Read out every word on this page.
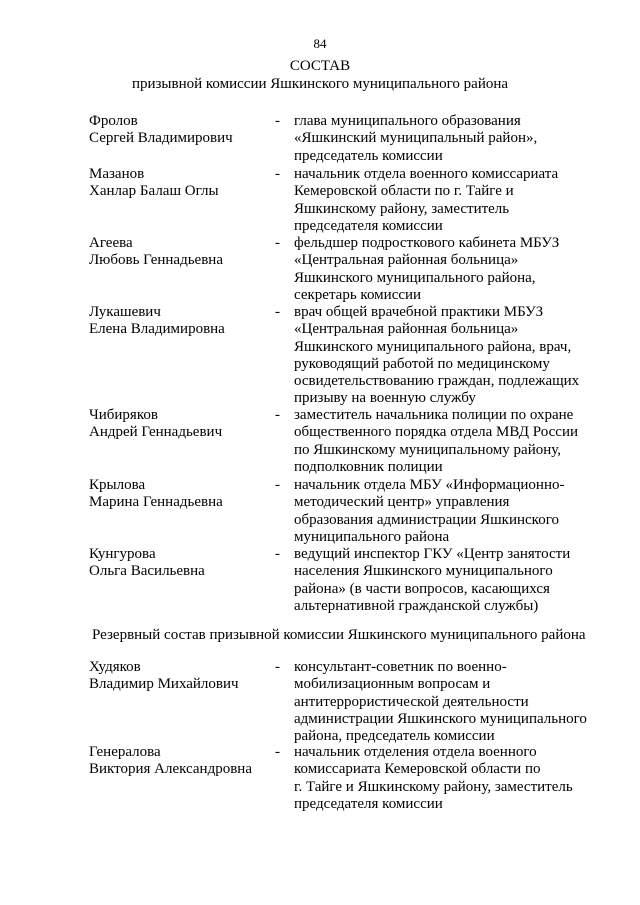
84
СОСТАВ
призывной комиссии Яшкинского муниципального района
Фролов
Сергей Владимирович
- глава муниципального образования
«Яшкинский муниципальный район»,
председатель комиссии
Мазанов
Ханлар Балаш Оглы
- начальник отдела военного комиссариата
Кемеровской области по г. Тайге и
Яшкинскому району, заместитель
председателя комиссии
Агеева
Любовь Геннадьевна
- фельдшер подросткового кабинета МБУЗ
«Центральная районная больница»
Яшкинского муниципального района,
секретарь комиссии
Лукашевич
Елена Владимировна
- врач общей врачебной практики МБУЗ
«Центральная районная больница»
Яшкинского муниципального района, врач,
руководящий работой по медицинскому
освидетельствованию граждан, подлежащих
призыву на военную службу
Чибиряков
Андрей Геннадьевич
- заместитель начальника полиции по охране
общественного порядка отдела МВД России
по Яшкинскому муниципальному району,
подполковник полиции
Крылова
Марина Геннадьевна
- начальник отдела МБУ «Информационно-
методический центр» управления
образования администрации Яшкинского
муниципального района
Кунгурова
Ольга Васильевна
- ведущий инспектор ГКУ «Центр занятости
населения Яшкинского муниципального
района» (в части вопросов, касающихся
альтернативной гражданской службы)
Резервный состав призывной комиссии Яшкинского муниципального района
Худяков
Владимир Михайлович
- консультант-советник по военно-
мобилизационным вопросам и
антитеррористической деятельности
администрации Яшкинского муниципального
района, председатель комиссии
Генералова
Виктория Александровна
- начальник отделения отдела военного
комиссариата Кемеровской области по
г. Тайге и Яшкинскому району, заместитель
председателя комиссии
